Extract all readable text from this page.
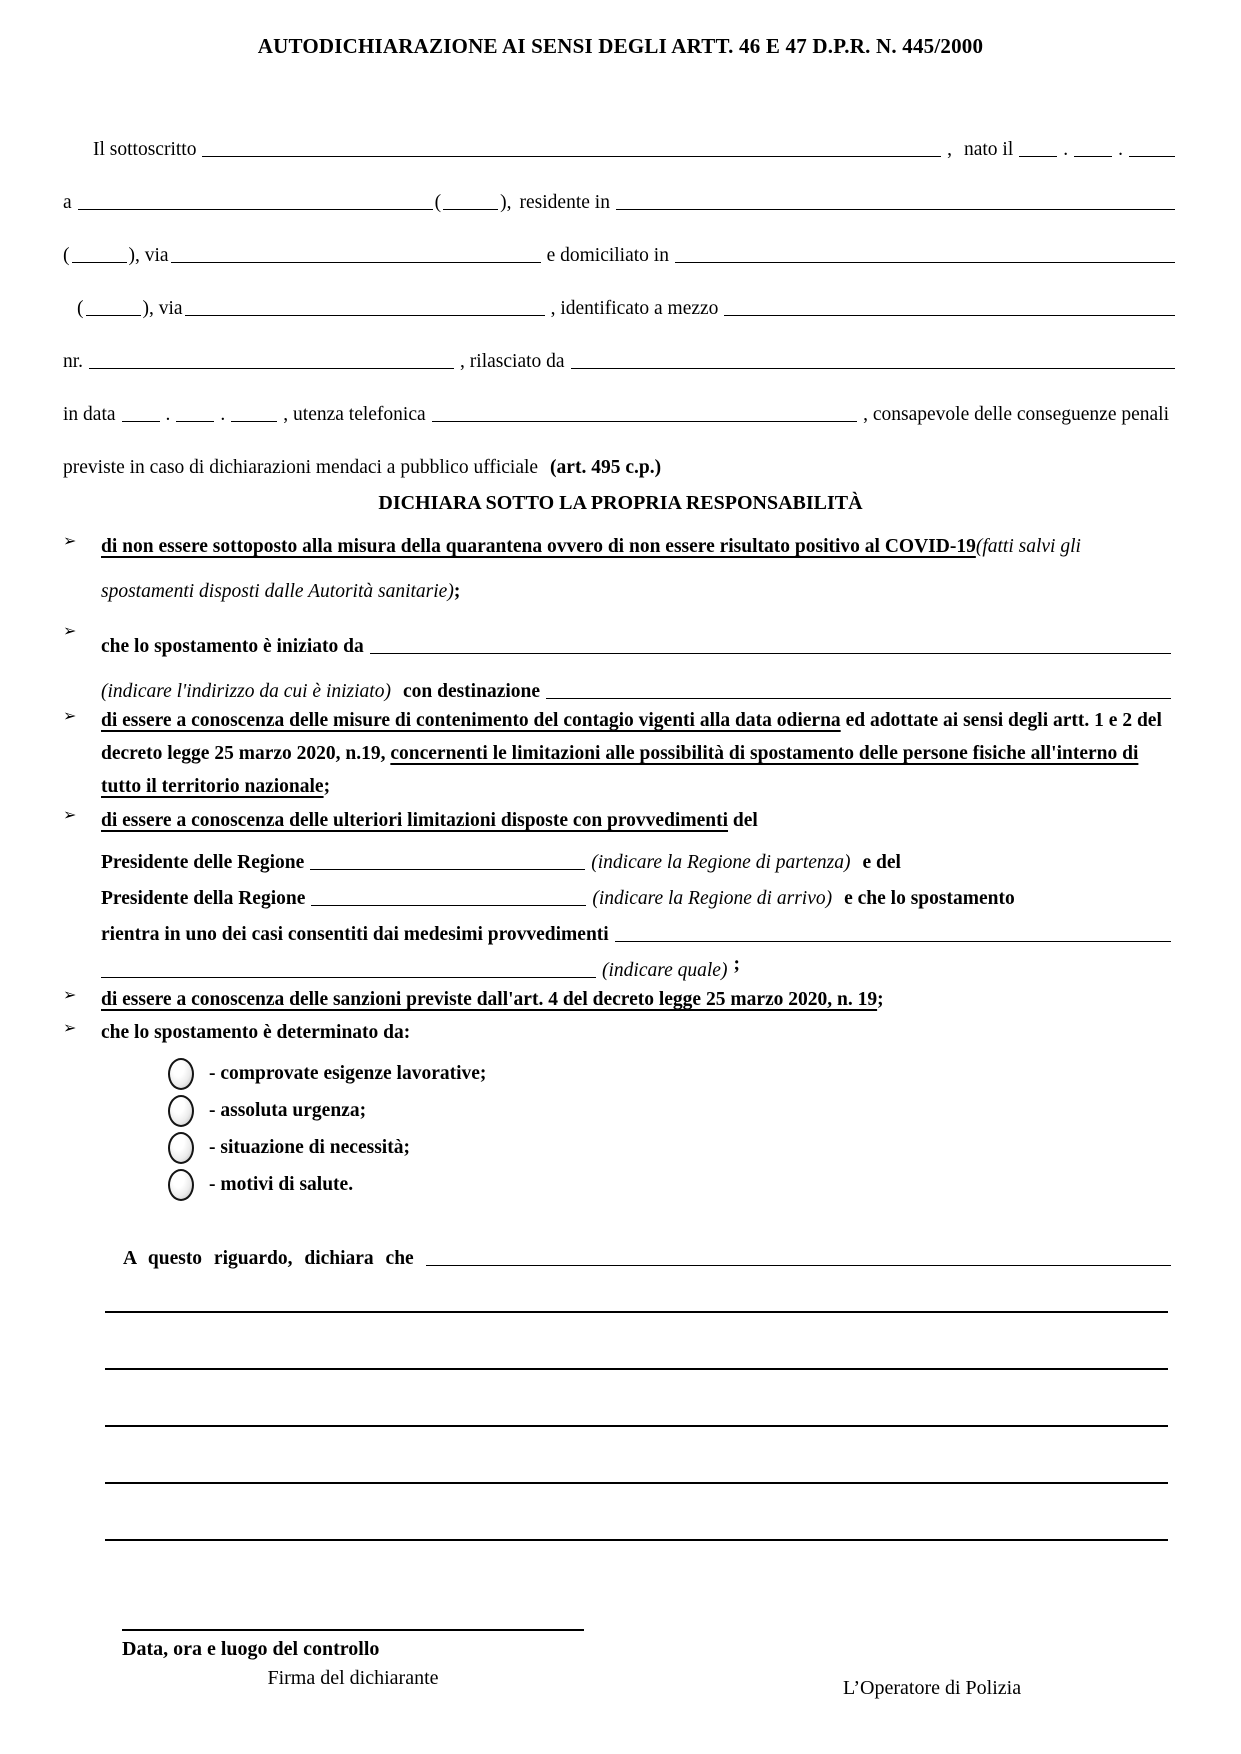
AUTODICHIARAZIONE AI SENSI DEGLI ARTT. 46 E 47 D.P.R. N. 445/2000
Il sottoscritto	, nato il	.	.
a	(	), residente in
(	), via	e domiciliato in
(	), via	, identificato a mezzo
nr.	, rilasciato da
in data	.	.	, utenza telefonica	, consapevole delle conseguenze penali
previste in caso di dichiarazioni mendaci a pubblico ufficiale (art. 495 c.p.)
DICHIARA SOTTO LA PROPRIA RESPONSABILITÀ
➢ di non essere sottoposto alla misura della quarantena ovvero di non essere risultato positivo al COVID-19(fatti salvi gli spostamenti disposti dalle Autorità sanitarie);
➢
che lo spostamento è iniziato da
(indicare l'indirizzo da cui è iniziato) con destinazione
➢ di essere a conoscenza delle misure di contenimento del contagio vigenti alla data odierna ed adottate ai sensi degli artt. 1 e 2 del decreto legge 25 marzo 2020, n.19, concernenti le limitazioni alle possibilità di spostamento delle persone fisiche all'interno di tutto il territorio nazionale;
➢ di essere a conoscenza delle ulteriori limitazioni disposte con provvedimenti del
Presidente delle Regione	(indicare la Regione di partenza) e del
Presidente della Regione	(indicare la Regione di arrivo) e che lo spostamento
rientra in uno dei casi consentiti dai medesimi provvedimenti
(indicare quale) ;
➢ di essere a conoscenza delle sanzioni previste dall'art. 4 del decreto legge 25 marzo 2020, n. 19;
➢ che lo spostamento è determinato da:
- comprovate esigenze lavorative;
- assoluta urgenza;
- situazione di necessità;
- motivi di salute.
A questo riguardo, dichiara che
Data, ora e luogo del controllo
Firma del dichiarante	L’Operatore di Polizia
